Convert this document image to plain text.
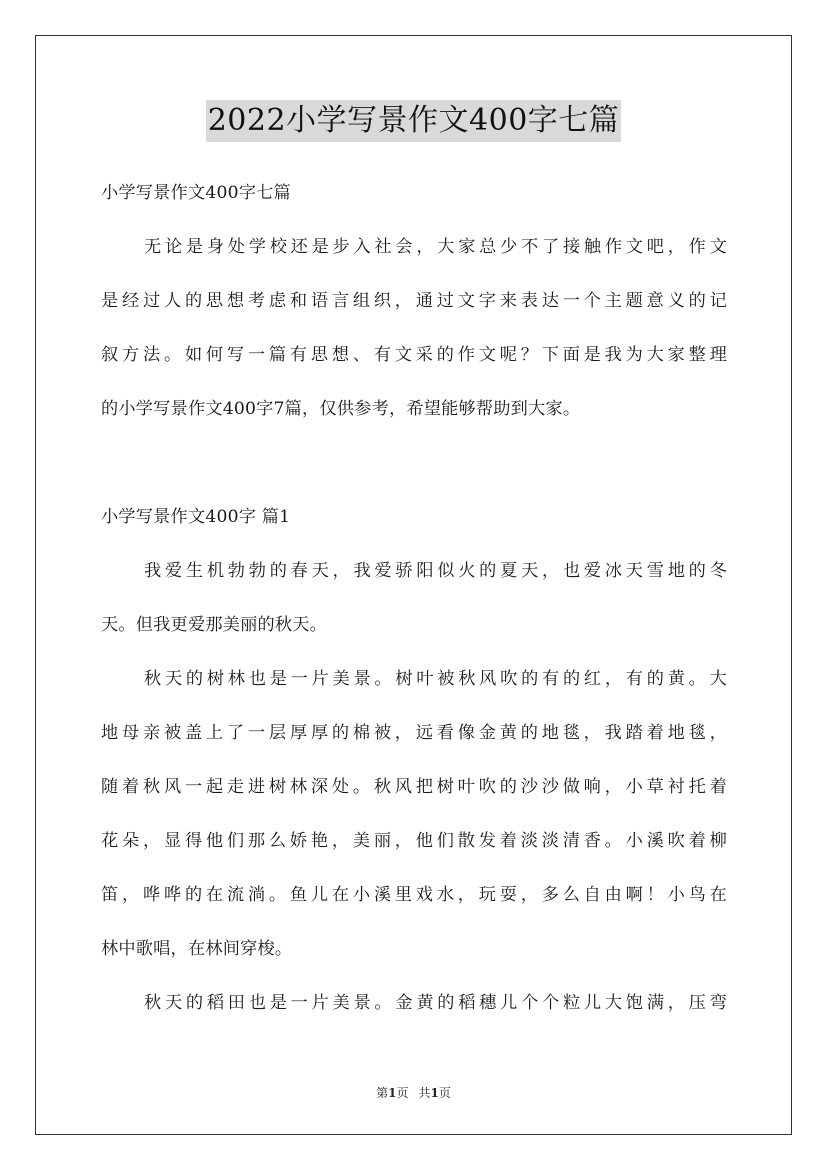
2022小学写景作文400字七篇
小学写景作文400字七篇
无论是身处学校还是步入社会，大家总少不了接触作文吧，作文
是经过人的思想考虑和语言组织，通过文字来表达一个主题意义的记
叙方法。如何写一篇有思想、有文采的作文呢？下面是我为大家整理
的小学写景作文400字7篇，仅供参考，希望能够帮助到大家。
小学写景作文400字 篇1
我爱生机勃勃的春天，我爱骄阳似火的夏天，也爱冰天雪地的冬
天。但我更爱那美丽的秋天。
秋天的树林也是一片美景。树叶被秋风吹的有的红，有的黄。大
地母亲被盖上了一层厚厚的棉被，远看像金黄的地毯，我踏着地毯，
随着秋风一起走进树林深处。秋风把树叶吹的沙沙做响，小草衬托着
花朵，显得他们那么娇艳，美丽，他们散发着淡淡清香。小溪吹着柳
笛，哗哗的在流淌。鱼儿在小溪里戏水，玩耍，多么自由啊！小鸟在
林中歌唱，在林间穿梭。
秋天的稻田也是一片美景。金黄的稻穗儿个个粒儿大饱满，压弯
第1页 共1页
